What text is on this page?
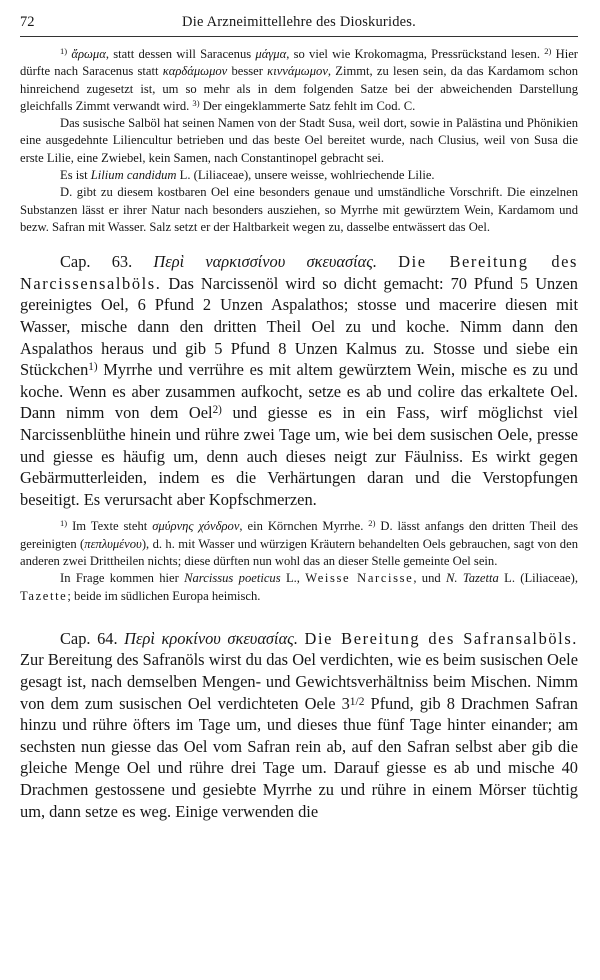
72	Die Arzneimittellehre des Dioskurides.

$^{1)}$ ἄρωμα, statt dessen will Saracenus μάγμα, so viel wie Krokomagma, Pressrückstand lesen. $^{2)}$ Hier dürfte nach Saracenus statt καρδάμωμον besser κιννάμωμον, Zimmt, zu lesen sein, da das Kardamom schon hinreichend zugesetzt ist, um so mehr als in dem folgenden Satze bei der abweichenden Darstellung gleichfalls Zimmt verwandt wird. $^{3)}$ Der eingeklammerte Satz fehlt im Cod. C.

Das susische Salböl hat seinen Namen von der Stadt Susa, weil dort, sowie in Palästina und Phönikien eine ausgedehnte Liliencultur betrieben und das beste Oel bereitet wurde, nach Clusius, weil von Susa die erste Lilie, eine Zwiebel, kein Samen, nach Constantinopel gebracht sei.

Es ist Lilium candidum L. (Liliaceae), unsere weisse, wohlriechende Lilie.

D. gibt zu diesem kostbaren Oel eine besonders genaue und umständliche Vorschrift. Die einzelnen Substanzen lässt er ihrer Natur nach besonders ausziehen, so Myrrhe mit gewürztem Wein, Kardamom und bezw. Safran mit Wasser. Salz setzt er der Haltbarkeit wegen zu, dasselbe entwässert das Oel.

Cap. 63. Περὶ ναρκισσίνου σκευασίας. Die Bereitung des Narcissensalböls. Das Narcissenöl wird so dicht gemacht: 70 Pfund 5 Unzen gereinigtes Oel, 6 Pfund 2 Unzen Aspalathos; stosse und macerire diesen mit Wasser, mische dann den dritten Theil Oel zu und koche. Nimm dann den Aspalathos heraus und gib 5 Pfund 8 Unzen Kalmus zu. Stosse und siebe ein Stückchen$^{1)}$ Myrrhe und verrühre es mit altem gewürztem Wein, mische es zu und koche. Wenn es aber zusammen aufkocht, setze es ab und colire das erkaltete Oel. Dann nimm von dem Oel$^{2)}$ und giesse es in ein Fass, wirf möglichst viel Narcissenblüthe hinein und rühre zwei Tage um, wie bei dem susischen Oele, presse und giesse es häufig um, denn auch dieses neigt zur Fäulniss. Es wirkt gegen Gebärmutterleiden, indem es die Verhärtungen daran und die Verstopfungen beseitigt. Es verursacht aber Kopfschmerzen.

$^{1)}$ Im Texte steht σμύρνης χόνδρον, ein Körnchen Myrrhe. $^{2)}$ D. lässt anfangs den dritten Theil des gereinigten (πεπλυμένου), d. h. mit Wasser und würzigen Kräutern behandelten Oels gebrauchen, sagt von den anderen zwei Drittheilen nichts; diese dürften nun wohl das an dieser Stelle gemeinte Oel sein.

In Frage kommen hier Narcissus poeticus L., Weisse Narcisse, und N. Tazetta L. (Liliaceae), Tazette; beide im südlichen Europa heimisch.

Cap. 64. Περὶ κροκίνου σκευασίας. Die Bereitung des Safransalböls. Zur Bereitung des Safranöls wirst du das Oel verdichten, wie es beim susischen Oele gesagt ist, nach demselben Mengen- und Gewichtsverhältniss beim Mischen. Nimm von dem zum susischen Oel verdichteten Oele $3^{1/2}$ Pfund, gib 8 Drachmen Safran hinzu und rühre öfters im Tage um, und dieses thue fünf Tage hinter einander; am sechsten nun giesse das Oel vom Safran rein ab, auf den Safran selbst aber gib die gleiche Menge Oel und rühre drei Tage um. Darauf giesse es ab und mische 40 Drachmen gestossene und gesiebte Myrrhe zu und rühre in einem Mörser tüchtig um, dann setze es weg. Einige verwenden die
